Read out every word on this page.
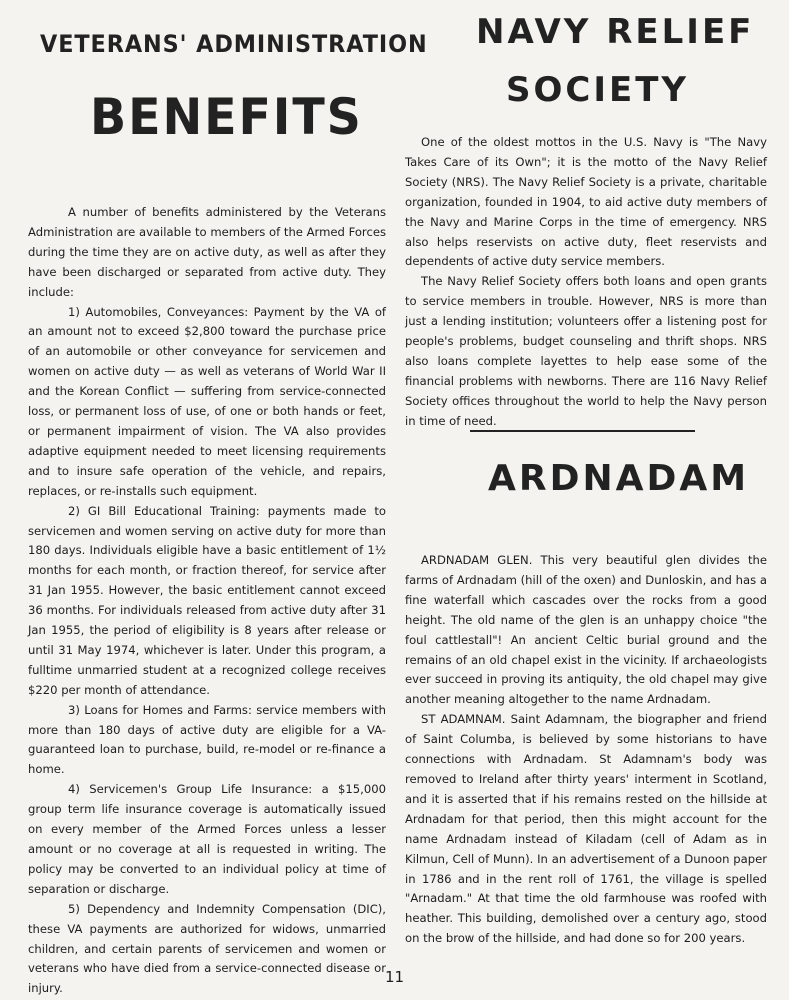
VETERANS' ADMINISTRATION
BENEFITS

A number of benefits administered by the Veterans Administration are available to members of the Armed Forces during the time they are on active duty, as well as after they have been discharged or separated from active duty. They include:

1) Automobiles, Conveyances: Payment by the VA of an amount not to exceed $2,800 toward the purchase price of an automobile or other conveyance for servicemen and women on active duty — as well as veterans of World War II and the Korean Conflict — suffering from service-connected loss, or permanent loss of use, of one or both hands or feet, or permanent impairment of vision. The VA also provides adaptive equipment needed to meet licensing requirements and to insure safe operation of the vehicle, and repairs, replaces, or re-installs such equipment.

2) GI Bill Educational Training: payments made to servicemen and women serving on active duty for more than 180 days. Individuals eligible have a basic entitlement of 1½ months for each month, or fraction thereof, for service after 31 Jan 1955. However, the basic entitlement cannot exceed 36 months. For individuals released from active duty after 31 Jan 1955, the period of eligibility is 8 years after release or until 31 May 1974, whichever is later. Under this program, a fulltime unmarried student at a recognized college receives $220 per month of attendance.

3) Loans for Homes and Farms: service members with more than 180 days of active duty are eligible for a VA-guaranteed loan to purchase, build, re-model or re-finance a home.

4) Servicemen's Group Life Insurance: a $15,000 group term life insurance coverage is automatically issued on every member of the Armed Forces unless a lesser amount or no coverage at all is requested in writing. The policy may be converted to an individual policy at time of separation or discharge.

5) Dependency and Indemnity Compensation (DIC), these VA payments are authorized for widows, unmarried children, and certain parents of servicemen and women or veterans who have died from a service-connected disease or injury.

NAVY RELIEF
SOCIETY

One of the oldest mottos in the U.S. Navy is "The Navy Takes Care of its Own"; it is the motto of the Navy Relief Society (NRS). The Navy Relief Society is a private, charitable organization, founded in 1904, to aid active duty members of the Navy and Marine Corps in the time of emergency. NRS also helps reservists on active duty, fleet reservists and dependents of active duty service members.

The Navy Relief Society offers both loans and open grants to service members in trouble. However, NRS is more than just a lending institution; volunteers offer a listening post for people's problems, budget counseling and thrift shops. NRS also loans complete layettes to help ease some of the financial problems with newborns. There are 116 Navy Relief Society offices throughout the world to help the Navy person in time of need.

ARDNADAM

ARDNADAM GLEN. This very beautiful glen divides the farms of Ardnadam (hill of the oxen) and Dunloskin, and has a fine waterfall which cascades over the rocks from a good height. The old name of the glen is an unhappy choice "the foul cattlestall"! An ancient Celtic burial ground and the remains of an old chapel exist in the vicinity. If archaeologists ever succeed in proving its antiquity, the old chapel may give another meaning altogether to the name Ardnadam.

ST ADAMNAM. Saint Adamnam, the biographer and friend of Saint Columba, is believed by some historians to have connections with Ardnadam. St Adamnam's body was removed to Ireland after thirty years' interment in Scotland, and it is asserted that if his remains rested on the hillside at Ardnadam for that period, then this might account for the name Ardnadam instead of Kiladam (cell of Adam as in Kilmun, Cell of Munn). In an advertisement of a Dunoon paper in 1786 and in the rent roll of 1761, the village is spelled "Arnadam." At that time the old farmhouse was roofed with heather. This building, demolished over a century ago, stood on the brow of the hillside, and had done so for 200 years.

11
